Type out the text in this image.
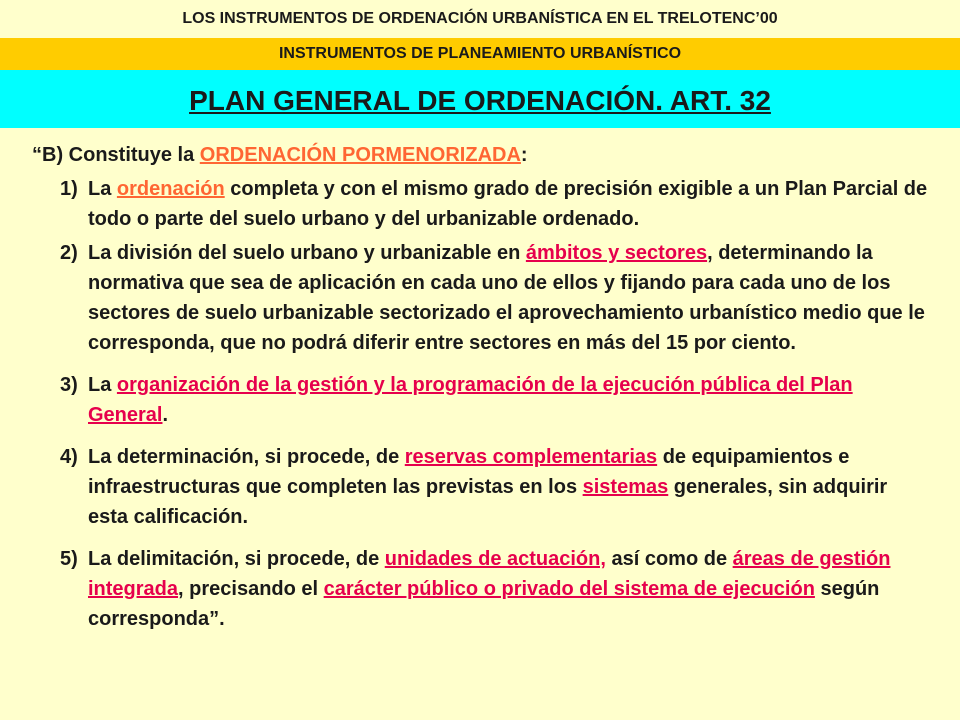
LOS INSTRUMENTOS DE ORDENACIÓN URBANÍSTICA EN EL TRELOTENC’00
INSTRUMENTOS DE PLANEAMIENTO URBANÍSTICO
PLAN GENERAL DE ORDENACIÓN. ART. 32
“B) Constituye la ORDENACIÓN PORMENORIZADA:
1) La ordenación completa y con el mismo grado de precisión exigible a un Plan Parcial de todo o parte del suelo urbano y del urbanizable ordenado.
2) La división del suelo urbano y urbanizable en ámbitos y sectores, determinando la normativa que sea de aplicación en cada uno de ellos y fijando para cada uno de los sectores de suelo urbanizable sectorizado el aprovechamiento urbanístico medio que le corresponda, que no podrá diferir entre sectores en más del 15 por ciento.
3) La organización de la gestión y la programación de la ejecución pública del Plan General.
4) La determinación, si procede, de reservas complementarias de equipamientos e infraestructuras que completen las previstas en los sistemas generales, sin adquirir esta calificación.
5) La delimitación, si procede, de unidades de actuación, así como de áreas de gestión integrada, precisando el carácter público o privado del sistema de ejecución según corresponda”.
